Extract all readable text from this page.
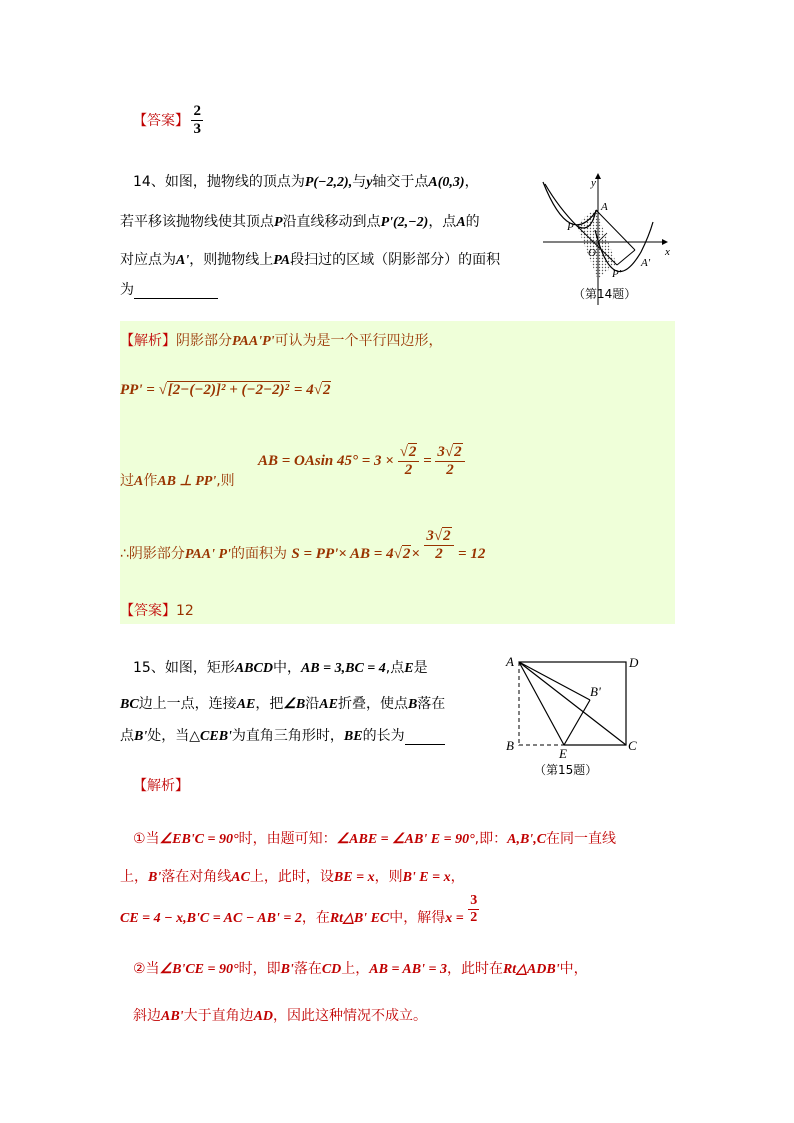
【答案】 $\frac{2}{3}$
14、如图，抛物线的顶点为P(−2,2),与y轴交于点A(0,3)，
若平移该抛物线使其顶点P沿直线移动到点P'(2,−2)，点A的
对应点为A'，则抛物线上PA段扫过的区域（阴影部分）的面积
为
y
x
A
P
O
A'
P'
（第14题）
【解析】阴影部分PAA'P'可认为是一个平行四边形，
PP' = √[2−(−2)]² + (−2−2)² = 4√2
过A作AB ⊥ PP',则
AB = OAsin $45^\circ = 3 \times \frac{√2}{2} = \frac{3√2}{2}$
∴阴影部分PAA' P'的面积为 S = PP'× AB = $4√2\times \frac{3√2}{2} = 12$
【答案】12
15、如图，矩形ABCD中，AB = 3,BC = 4,点E是
BC边上一点，连接AE，把∠B沿AE折叠，使点B落在
点B'处，当△CEB'为直角三角形时，BE的长为
A	D
B'
B
E
C
（第15题）
【解析】
①当∠EB'C = 90°时，由题可知：∠ABE = ∠AB' E = 90°,即：A,B',C在同一直线
上，B'落在对角线AC上，此时，设BE = x，则B' E = x，
CE = 4 − x,B'C = AC − AB' = 2，在Rt△B' EC中，解得$x = \frac{3}{2}$
②当∠B'CE = 90°时，即B'落在CD上，AB = AB' = 3，此时在Rt△ADB'中，
斜边AB'大于直角边AD，因此这种情况不成立。
